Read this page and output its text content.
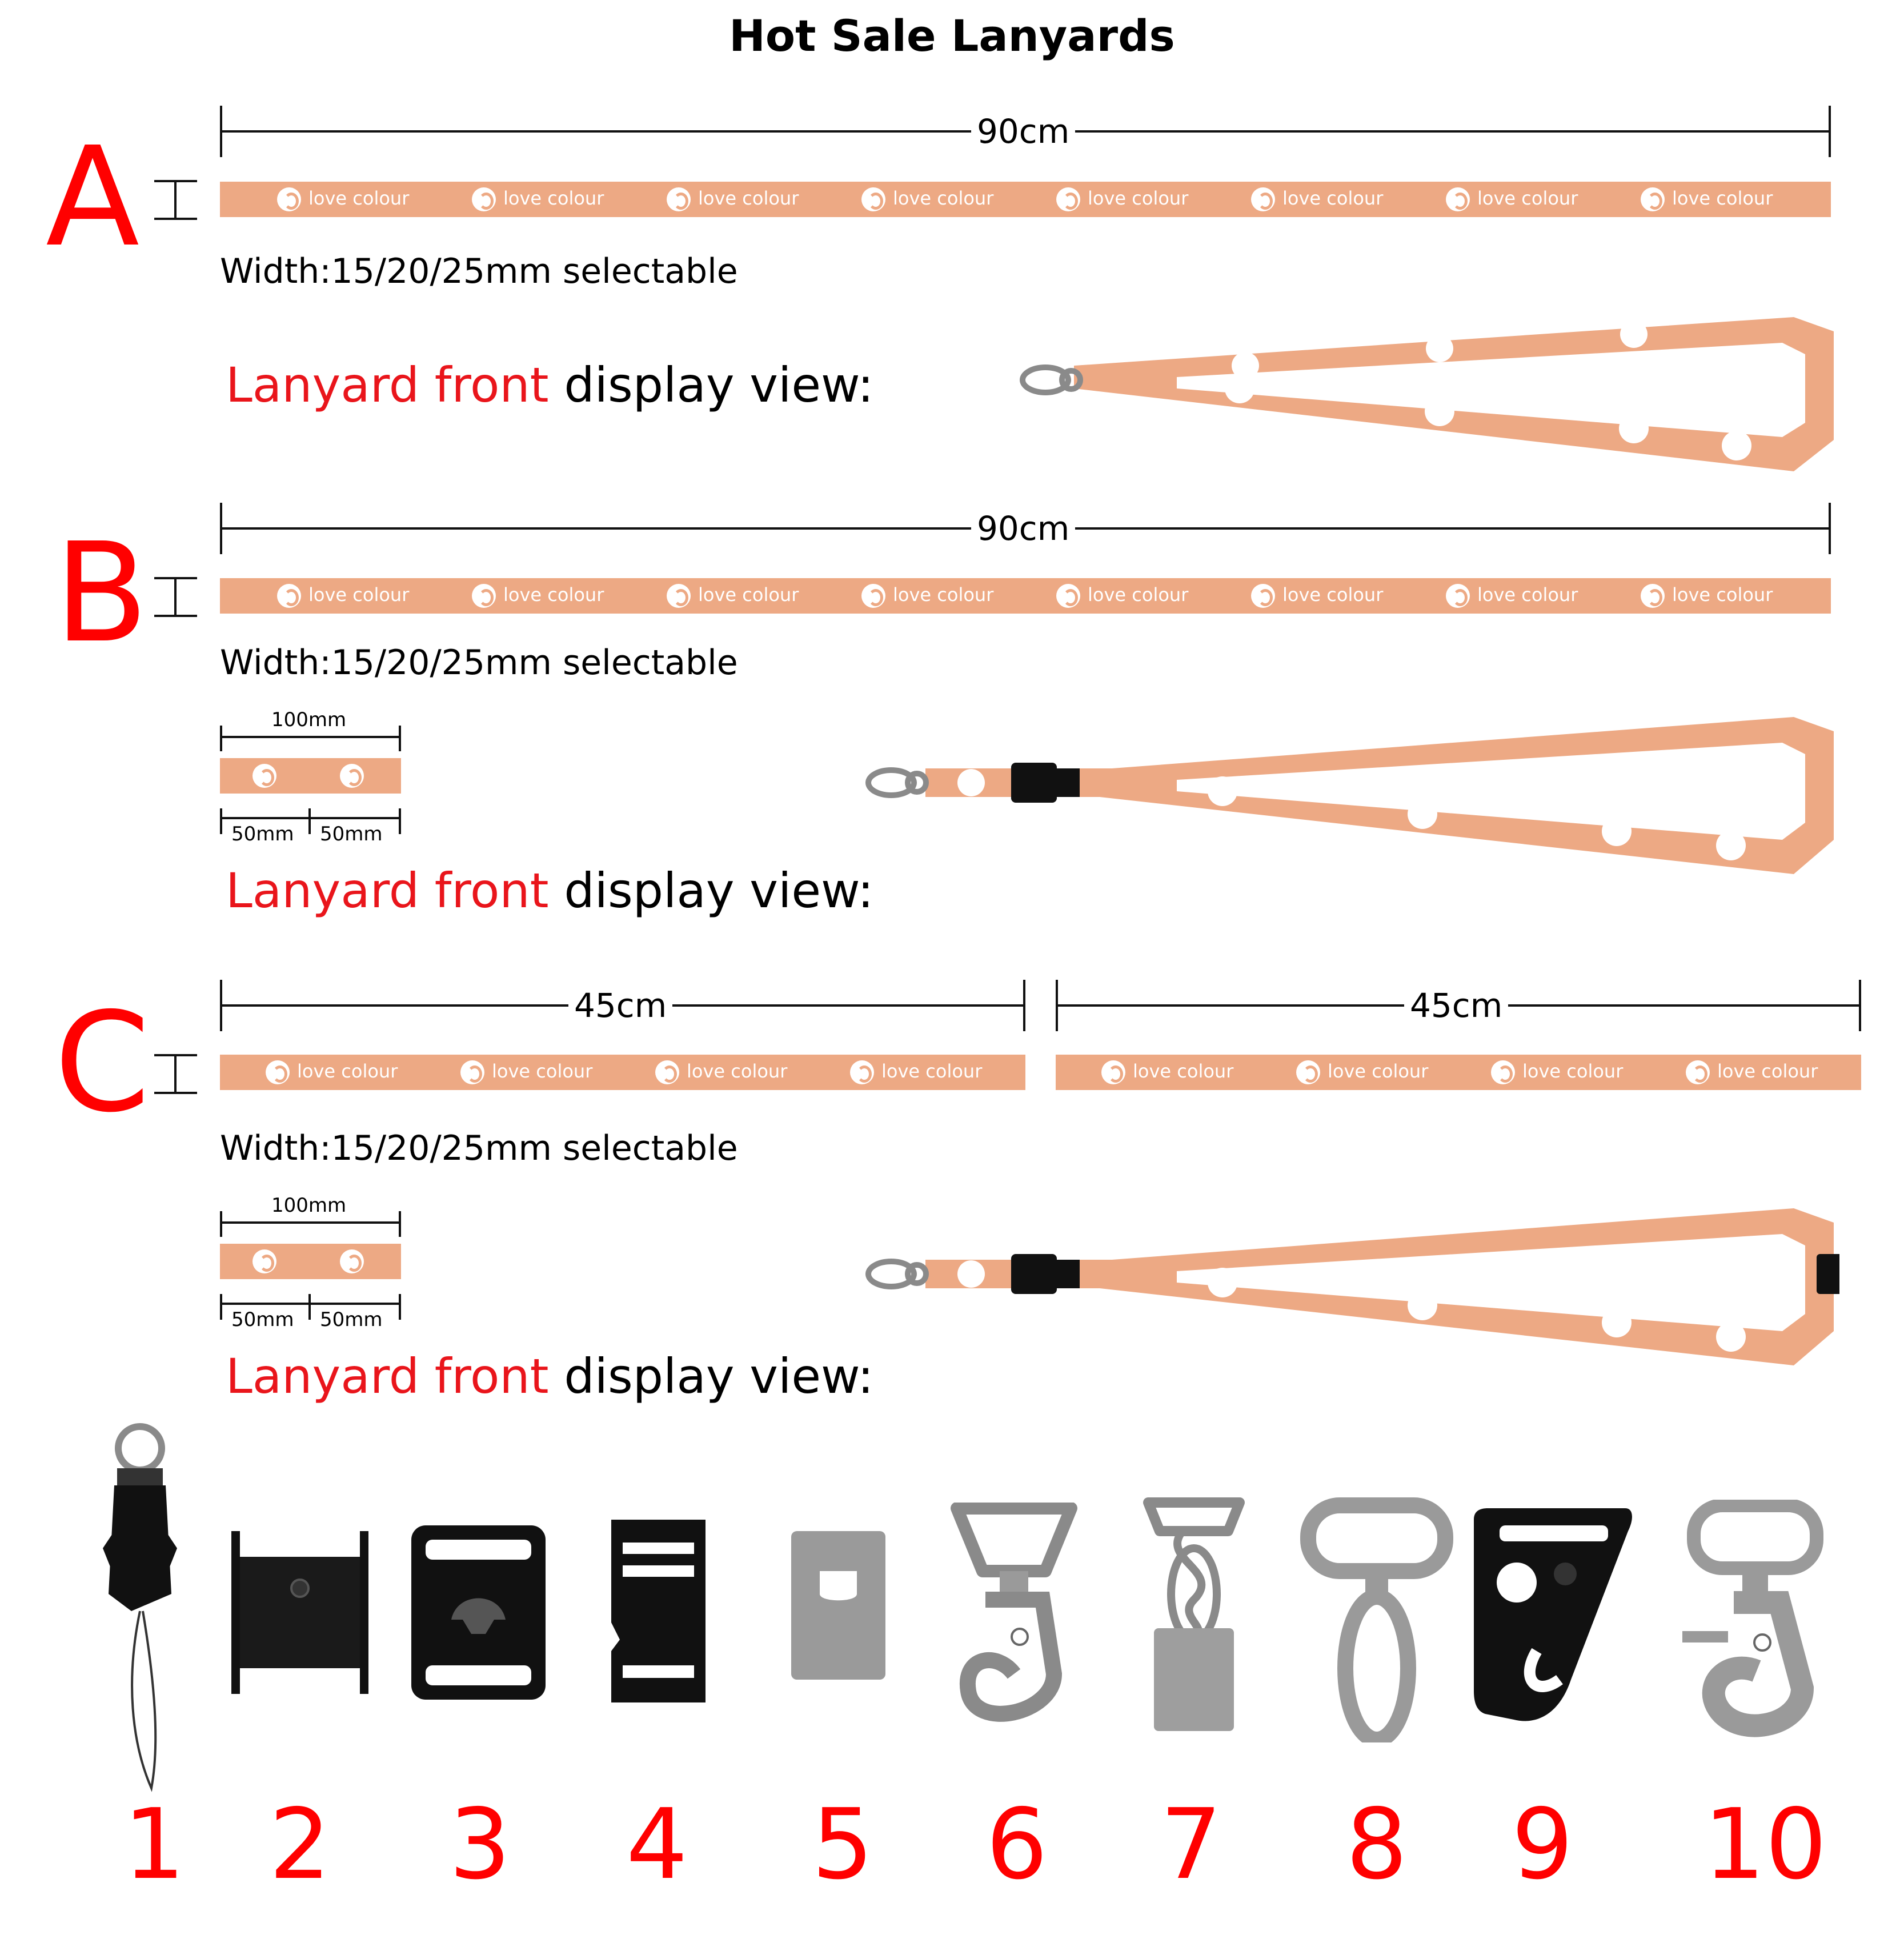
Hot Sale Lanyards
A	90cm
love colour	love colour	love colour	love colour	love colour	love colour	love colour	love colour
Width:15/20/25mm selectable
Lanyard front display view:
B	90cm
love colour	love colour	love colour	love colour	love colour	love colour	love colour	love colour
Width:15/20/25mm selectable
100mm
50mm 50mm
Lanyard front display view:
C	45cm	45cm
love colour	love colour	love colour	love colour	love colour	love colour	love colour	love colour
Width:15/20/25mm selectable
100mm
50mm 50mm
Lanyard front display view:
1 2 3 4 5 6 7 8 9 10
